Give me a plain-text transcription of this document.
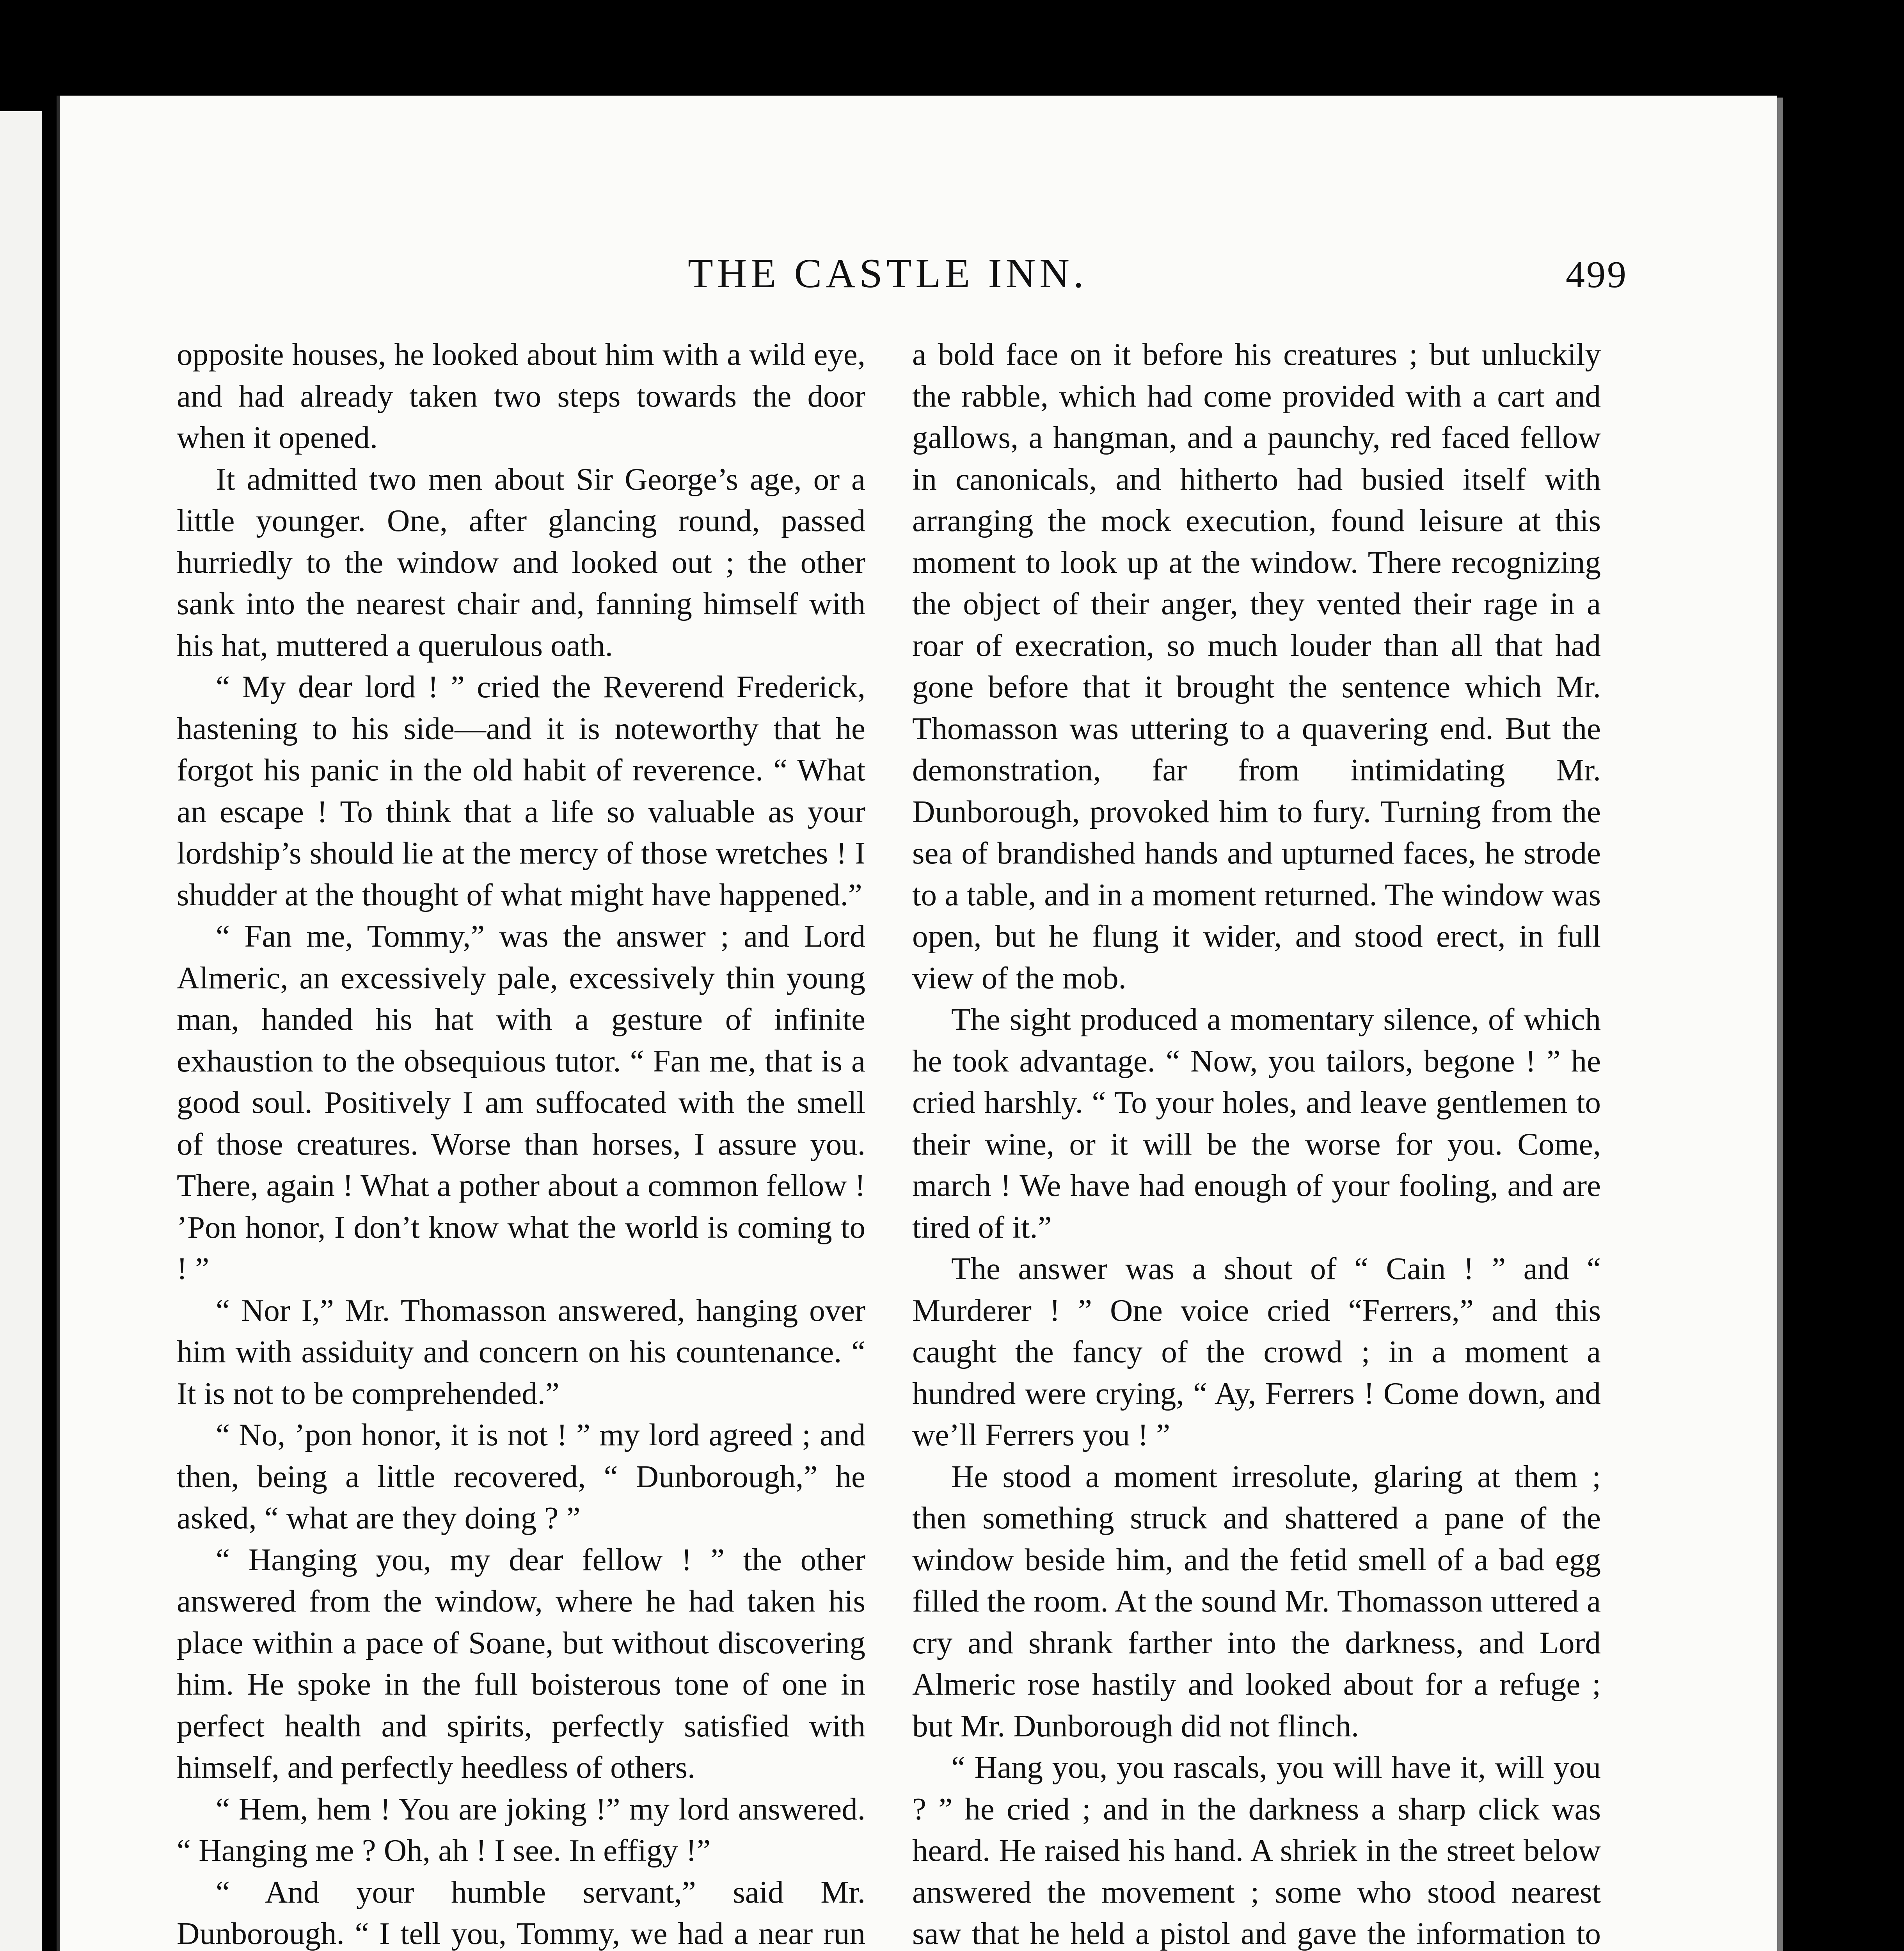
THE CASTLE INN.	499

opposite houses, he looked about him with a wild eye, and had already taken two steps towards the door when it opened.

It admitted two men about Sir George’s age, or a little younger. One, after glancing round, passed hurriedly to the window and looked out ; the other sank into the nearest chair and, fanning himself with his hat, muttered a querulous oath.

“ My dear lord ! ” cried the Reverend Frederick, hastening to his side—and it is noteworthy that he forgot his panic in the old habit of reverence. “ What an escape ! To think that a life so valuable as your lordship’s should lie at the mercy of those wretches ! I shudder at the thought of what might have happened.”

“ Fan me, Tommy,” was the answer ; and Lord Almeric, an excessively pale, excessively thin young man, handed his hat with a gesture of infinite exhaustion to the obsequious tutor. “ Fan me, that is a good soul. Positively I am suffocated with the smell of those creatures. Worse than horses, I assure you. There, again ! What a pother about a common fellow ! ’Pon honor, I don’t know what the world is coming to ! ”

“ Nor I,” Mr. Thomasson answered, hanging over him with assiduity and concern on his countenance. “ It is not to be comprehended.”

“ No, ’pon honor, it is not ! ” my lord agreed ; and then, being a little recovered, “ Dunborough,” he asked, “ what are they doing ? ”

“ Hanging you, my dear fellow ! ” the other answered from the window, where he had taken his place within a pace of Soane, but without discovering him. He spoke in the full boisterous tone of one in perfect health and spirits, perfectly satisfied with himself, and perfectly heedless of others.

“ Hem, hem ! You are joking !” my lord answered. “ Hanging me ? Oh, ah ! I see. In effigy !”

“ And your humble servant,” said Mr. Dunborough. “ I tell you, Tommy, we had a near run

a bold face on it before his creatures ; but unluckily the rabble, which had come provided with a cart and gallows, a hangman, and a paunchy, red faced fellow in canonicals, and hitherto had busied itself with arranging the mock execution, found leisure at this moment to look up at the window. There recognizing the object of their anger, they vented their rage in a roar of execration, so much louder than all that had gone before that it brought the sentence which Mr. Thomasson was uttering to a quavering end. But the demonstration, far from intimidating Mr. Dunborough, provoked him to fury. Turning from the sea of brandished hands and upturned faces, he strode to a table, and in a moment returned. The window was open, but he flung it wider, and stood erect, in full view of the mob.

The sight produced a momentary silence, of which he took advantage. “ Now, you tailors, begone ! ” he cried harshly. “ To your holes, and leave gentlemen to their wine, or it will be the worse for you. Come, march ! We have had enough of your fooling, and are tired of it.”

The answer was a shout of “ Cain ! ” and “ Murderer ! ” One voice cried “Ferrers,” and this caught the fancy of the crowd ; in a moment a hundred were crying, “ Ay, Ferrers ! Come down, and we’ll Ferrers you ! ”

He stood a moment irresolute, glaring at them ; then something struck and shattered a pane of the window beside him, and the fetid smell of a bad egg filled the room. At the sound Mr. Thomasson uttered a cry and shrank farther into the darkness, and Lord Almeric rose hastily and looked about for a refuge ; but Mr. Dunborough did not flinch.

“ Hang you, you rascals, you will have it, will you ? ” he cried ; and in the darkness a sharp click was heard. He raised his hand. A shriek in the street below answered the movement ; some who stood nearest saw that he held a pistol and gave the information to
